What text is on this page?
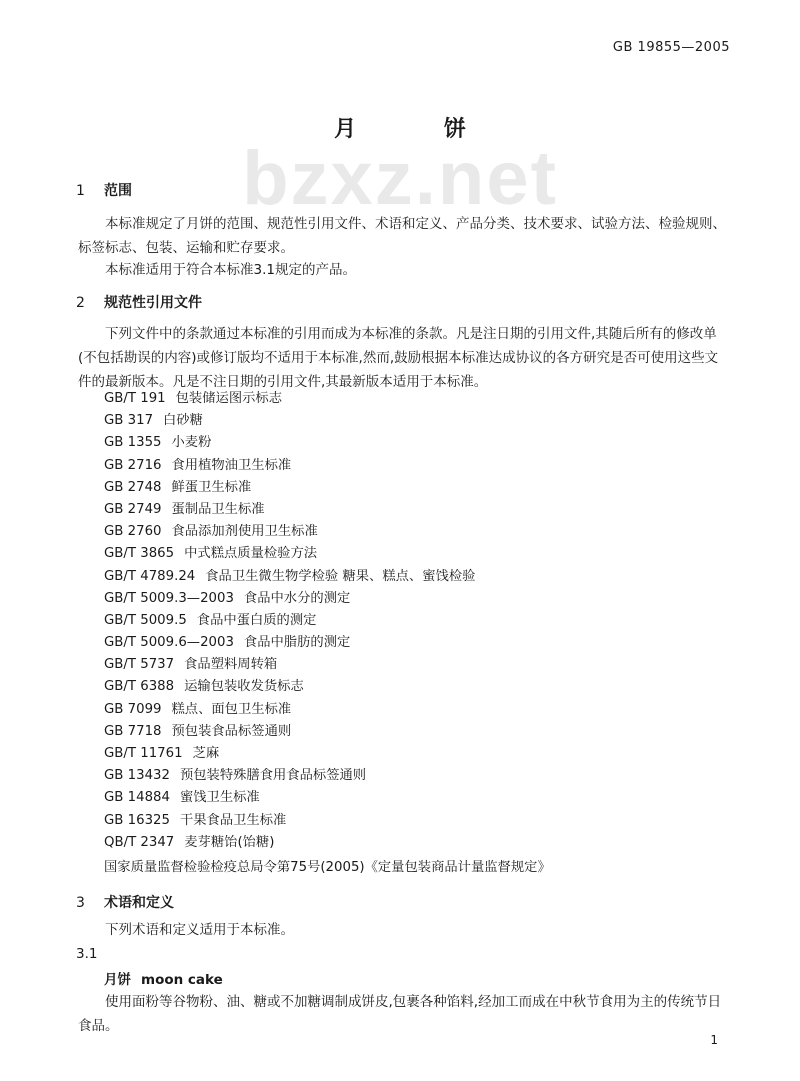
GB 19855—2005
bzxz.net
月 饼
1 范围
本标准规定了月饼的范围、规范性引用文件、术语和定义、产品分类、技术要求、试验方法、检验规则、标签标志、包装、运输和贮存要求。
本标准适用于符合本标准3.1规定的产品。
2 规范性引用文件
下列文件中的条款通过本标准的引用而成为本标准的条款。凡是注日期的引用文件,其随后所有的修改单(不包括勘误的内容)或修订版均不适用于本标准,然而,鼓励根据本标准达成协议的各方研究是否可使用这些文件的最新版本。凡是不注日期的引用文件,其最新版本适用于本标准。
GB/T 191 包装储运图示标志
GB 317 白砂糖
GB 1355 小麦粉
GB 2716 食用植物油卫生标准
GB 2748 鲜蛋卫生标准
GB 2749 蛋制品卫生标准
GB 2760 食品添加剂使用卫生标准
GB/T 3865 中式糕点质量检验方法
GB/T 4789.24 食品卫生微生物学检验 糖果、糕点、蜜饯检验
GB/T 5009.3—2003 食品中水分的测定
GB/T 5009.5 食品中蛋白质的测定
GB/T 5009.6—2003 食品中脂肪的测定
GB/T 5737 食品塑料周转箱
GB/T 6388 运输包装收发货标志
GB 7099 糕点、面包卫生标准
GB 7718 预包装食品标签通则
GB/T 11761 芝麻
GB 13432 预包装特殊膳食用食品标签通则
GB 14884 蜜饯卫生标准
GB 16325 干果食品卫生标准
QB/T 2347 麦芽糖饴(饴糖)
国家质量监督检验检疫总局令第75号(2005)《定量包装商品计量监督规定》
3 术语和定义
下列术语和定义适用于本标准。
3.1
月饼 moon cake
使用面粉等谷物粉、油、糖或不加糖调制成饼皮,包裹各种馅料,经加工而成在中秋节食用为主的传统节日食品。
1
